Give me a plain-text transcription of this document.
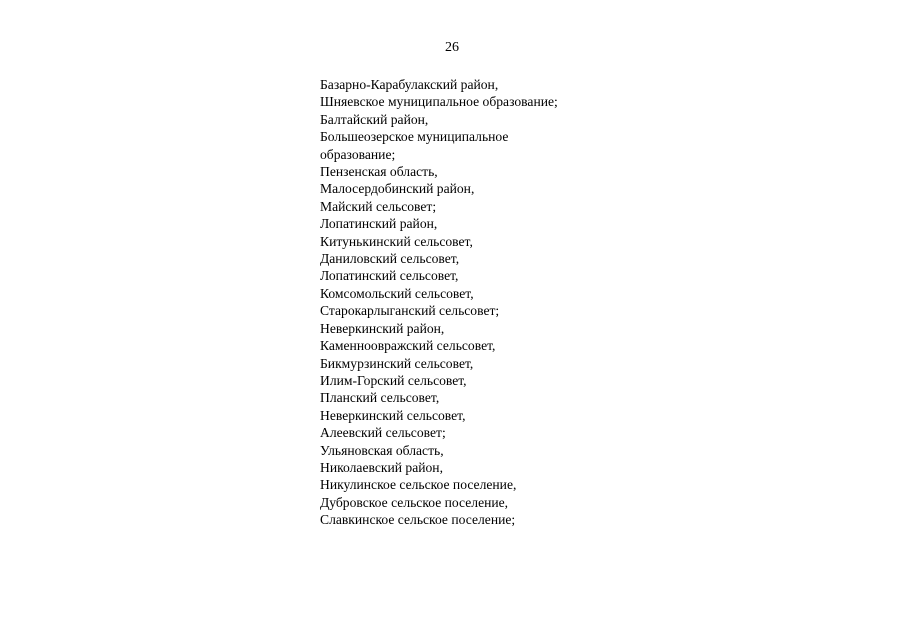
26
Базарно-Карабулакский район,
Шняевское муниципальное образование;
Балтайский район,
Большеозерское муниципальное
образование;
Пензенская область,
Малосердобинский район,
Майский сельсовет;
Лопатинский район,
Китунькинский сельсовет,
Даниловский сельсовет,
Лопатинский сельсовет,
Комсомольский сельсовет,
Старокарлыганский сельсовет;
Неверкинский район,
Каменноовражский сельсовет,
Бикмурзинский сельсовет,
Илим-Горский сельсовет,
Планский сельсовет,
Неверкинский сельсовет,
Алеевский сельсовет;
Ульяновская область,
Николаевский район,
Никулинское сельское поселение,
Дубровское сельское поселение,
Славкинское сельское поселение;
